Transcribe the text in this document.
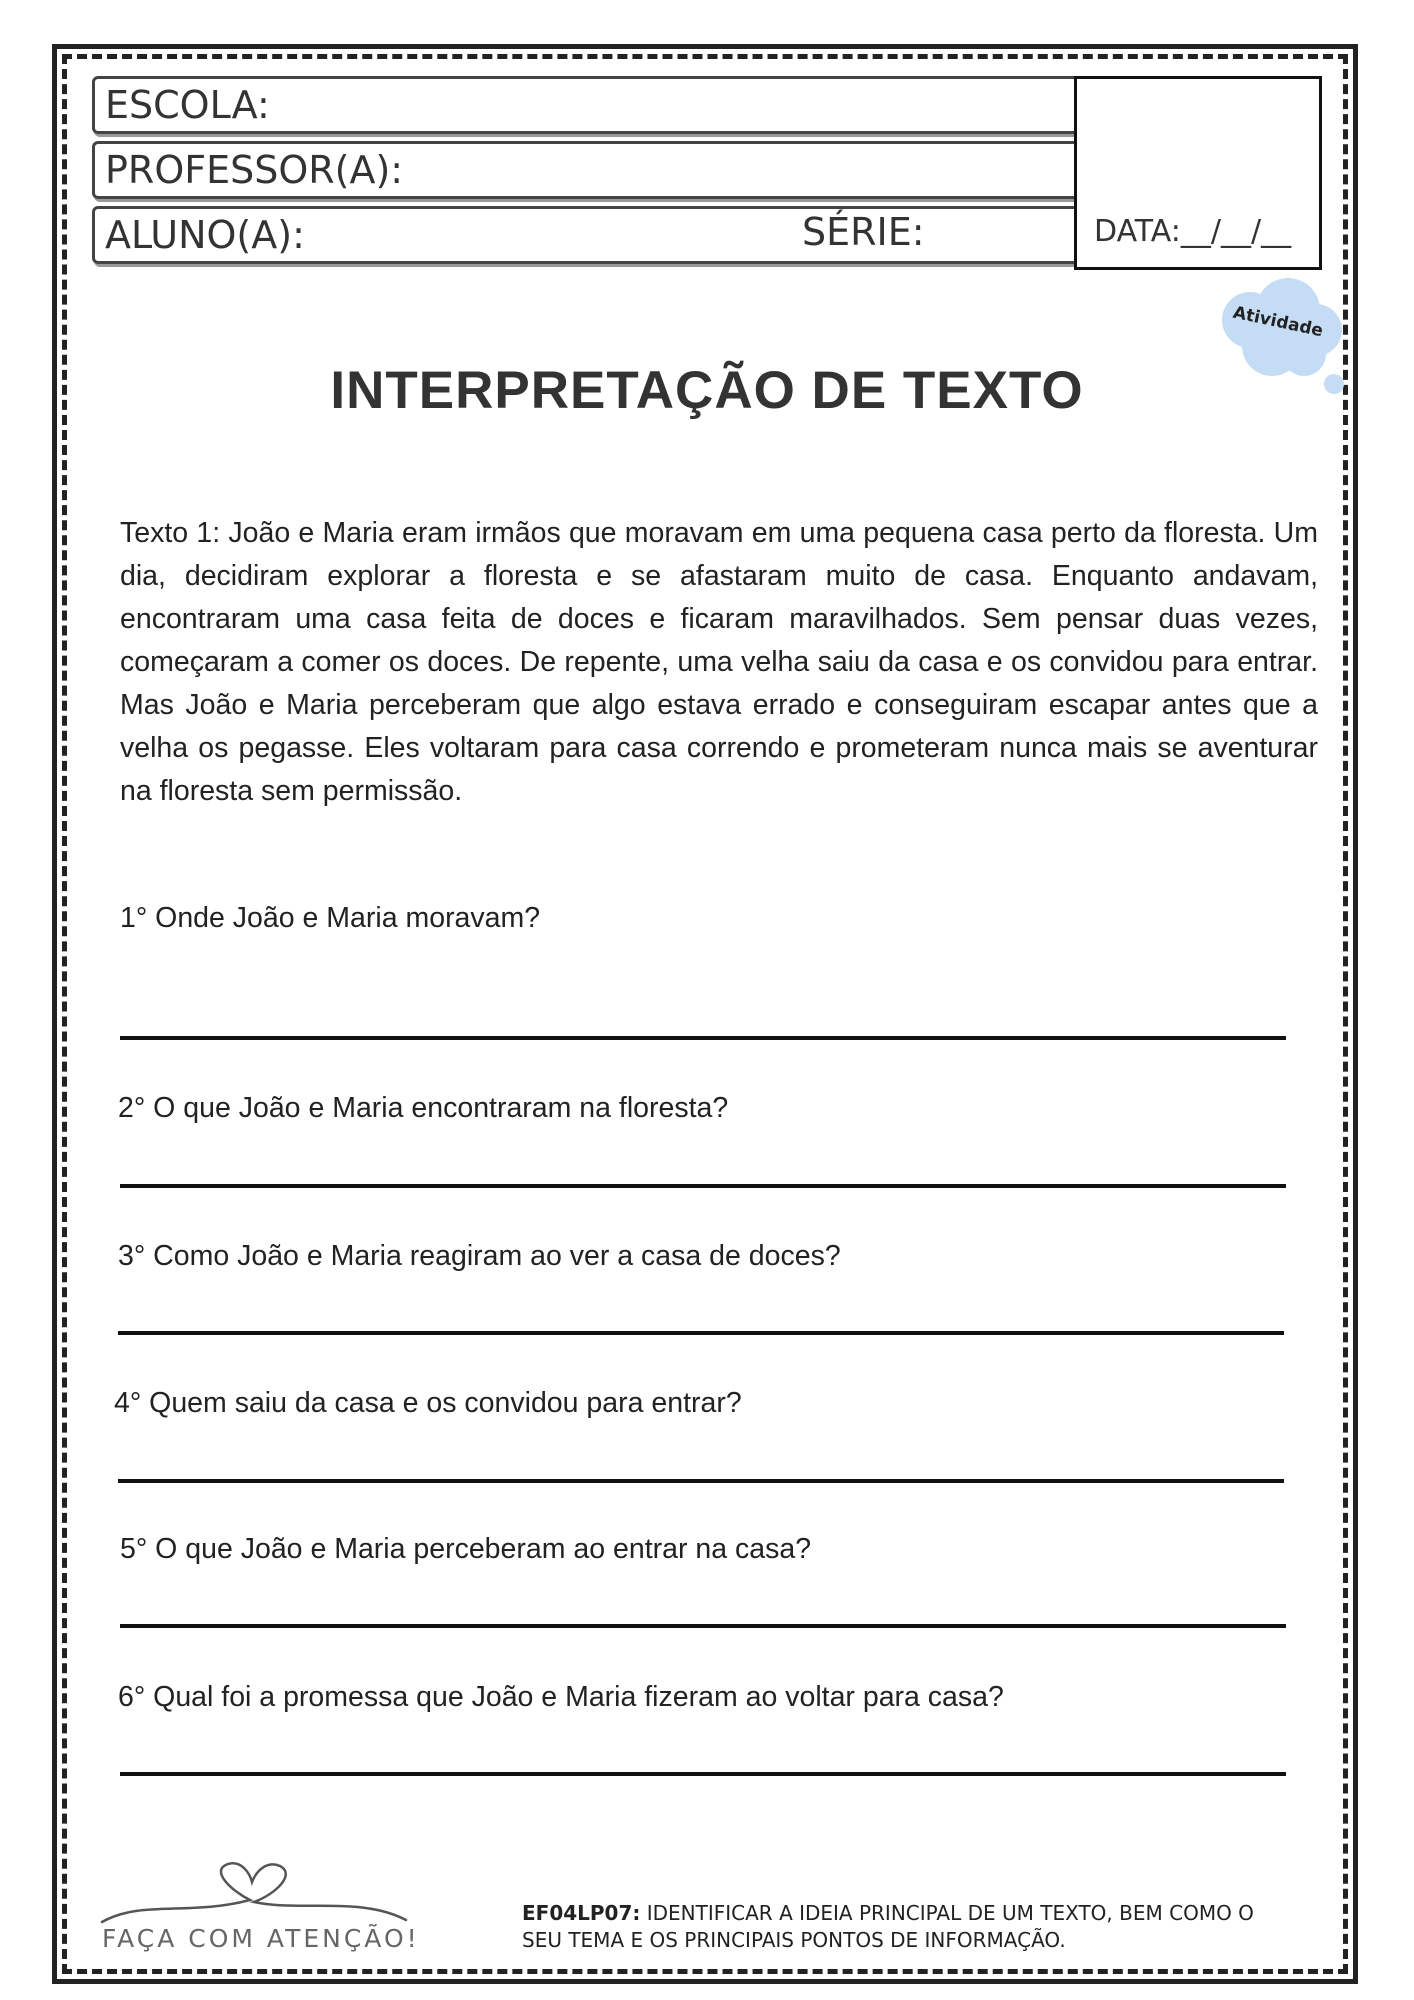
ESCOLA:
PROFESSOR(A):
ALUNO(A):	SÉRIE:	DATA:__/__/__
Atividade
INTERPRETAÇÃO DE TEXTO
Texto 1: João e Maria eram irmãos que moravam em uma pequena casa perto da floresta. Um dia, decidiram explorar a floresta e se afastaram muito de casa. Enquanto andavam, encontraram uma casa feita de doces e ficaram maravilhados. Sem pensar duas vezes, começaram a comer os doces. De repente, uma velha saiu da casa e os convidou para entrar. Mas João e Maria perceberam que algo estava errado e conseguiram escapar antes que a velha os pegasse. Eles voltaram para casa correndo e prometeram nunca mais se aventurar na floresta sem permissão.
1° Onde João e Maria moravam?
2° O que João e Maria encontraram na floresta?
3° Como João e Maria reagiram ao ver a casa de doces?
4° Quem saiu da casa e os convidou para entrar?
5° O que João e Maria perceberam ao entrar na casa?
6° Qual foi a promessa que João e Maria fizeram ao voltar para casa?
FAÇA COM ATENÇÃO!
EF04LP07: IDENTIFICAR A IDEIA PRINCIPAL DE UM TEXTO, BEM COMO O SEU TEMA E OS PRINCIPAIS PONTOS DE INFORMAÇÃO.
